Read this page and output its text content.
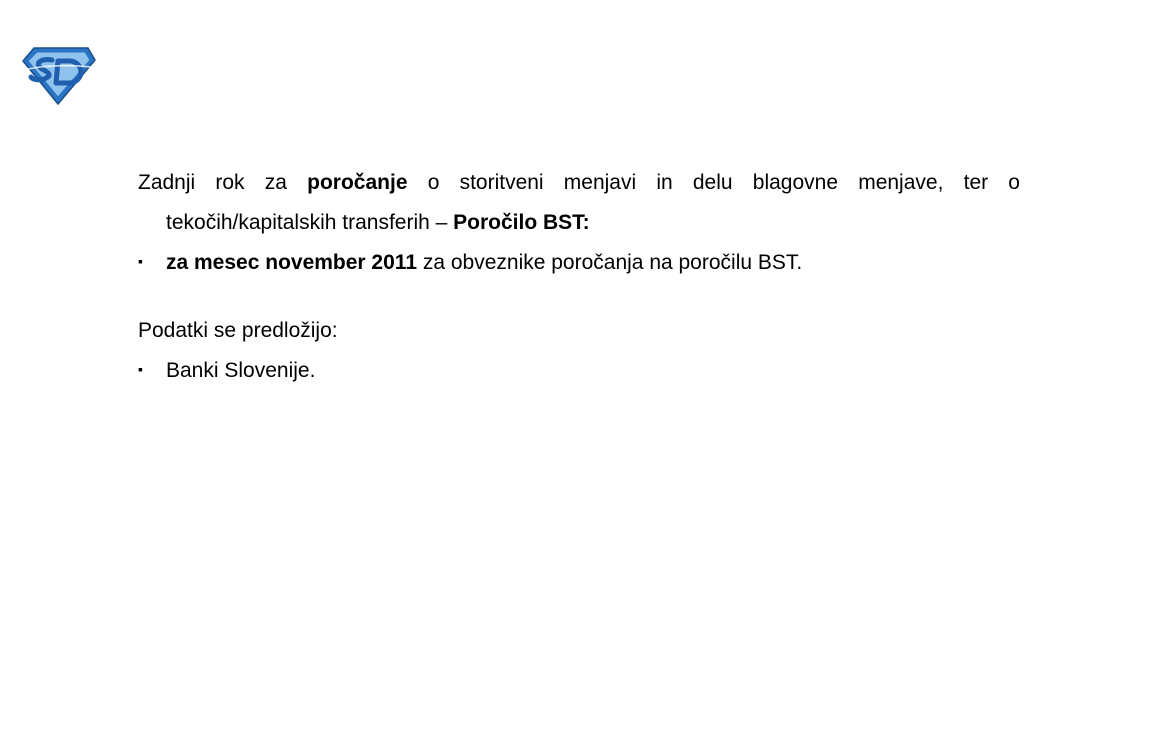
Zadnji rok za poročanje o storitveni menjavi in delu blagovne menjave, ter o tekočih/kapitalskih transferih – Poročilo BST:

▪	za mesec november 2011 za obveznike poročanja na poročilu BST.

Podatki se predložijo:

▪	Banki Slovenije.
